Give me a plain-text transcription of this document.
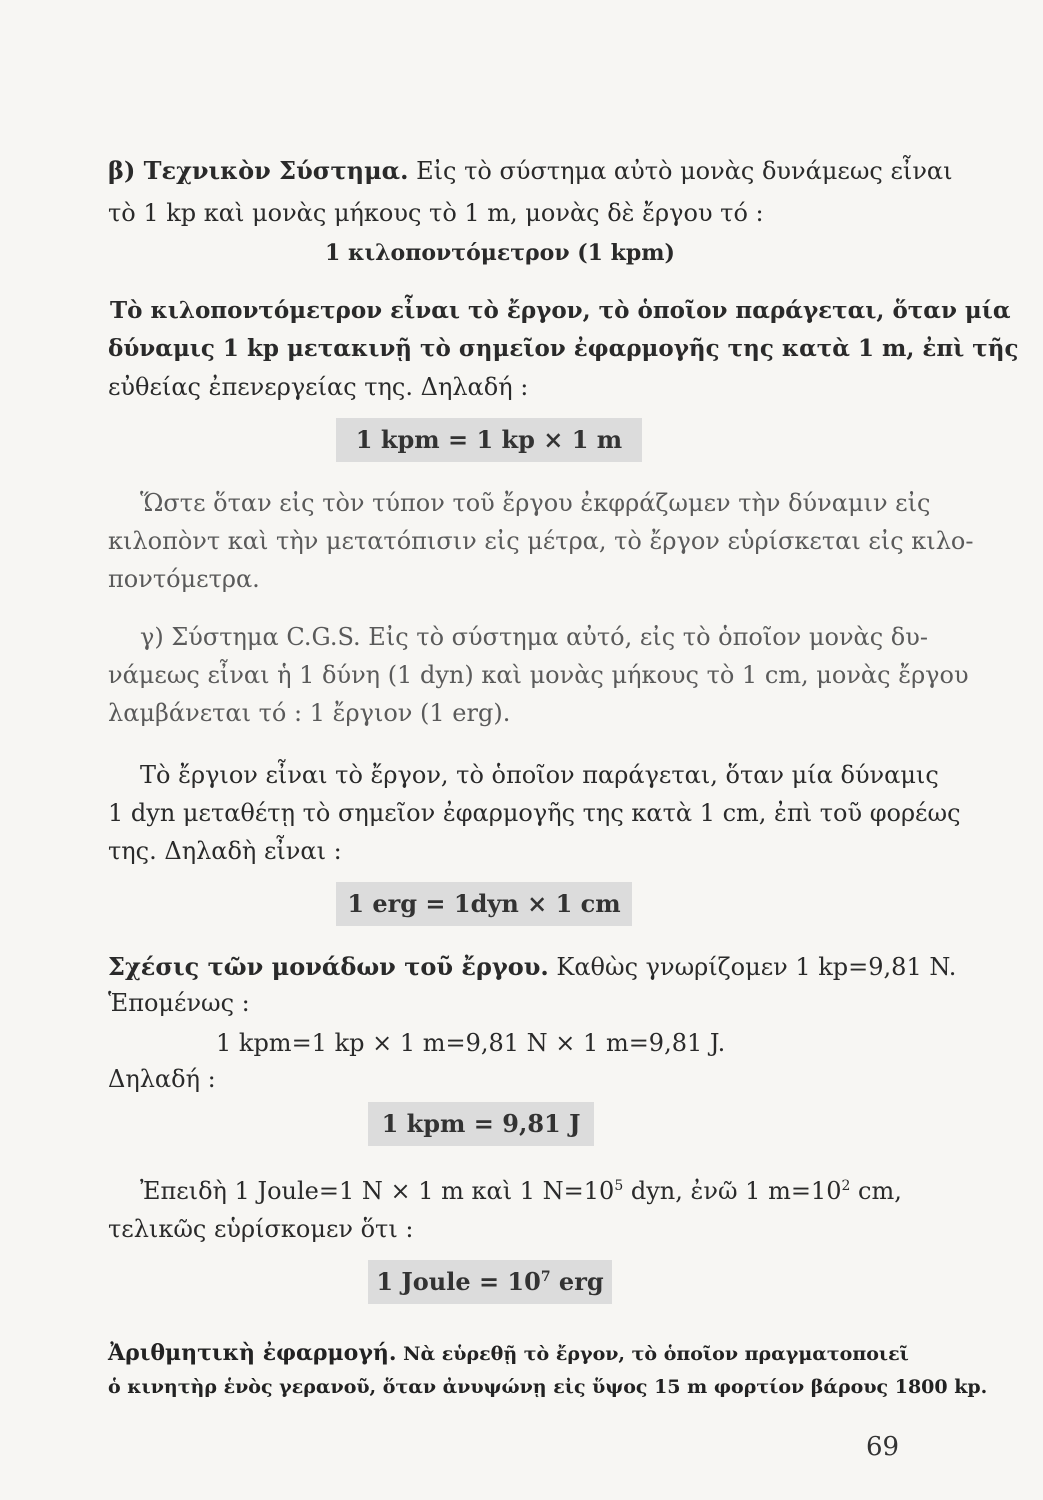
β) Τεχνικὸν Σύστημα. Εἰς τὸ σύστημα αὐτὸ μονὰς δυνάμεως εἶναι
τὸ 1 kp καὶ μονὰς μήκους τὸ 1 m, μονὰς δὲ ἔργου τό :
1 κιλοποντόμετρον (1 kpm)
Τὸ κιλοποντόμετρον εἶναι τὸ ἔργον, τὸ ὁποῖον παράγεται, ὅταν μία
δύναμις 1 kp μετακινῇ τὸ σημεῖον ἐφαρμογῆς της κατὰ 1 m, ἐπὶ τῆς
εὐθείας ἐπενεργείας της. Δηλαδή :
1 kpm = 1 kp × 1 m
Ὥστε ὅταν εἰς τὸν τύπον τοῦ ἔργου ἐκφράζωμεν τὴν δύναμιν εἰς
κιλοπὸντ καὶ τὴν μετατόπισιν εἰς μέτρα, τὸ ἔργον εὑρίσκεται εἰς κιλο-
ποντόμετρα.
γ) Σύστημα C.G.S. Εἰς τὸ σύστημα αὐτό, εἰς τὸ ὁποῖον μονὰς δυ-
νάμεως εἶναι ἡ 1 δύνη (1 dyn) καὶ μονὰς μήκους τὸ 1 cm, μονὰς ἔργου
λαμβάνεται τό : 1 ἔργιον (1 erg).
Τὸ ἔργιον εἶναι τὸ ἔργον, τὸ ὁποῖον παράγεται, ὅταν μία δύναμις
1 dyn μεταθέτῃ τὸ σημεῖον ἐφαρμογῆς της κατὰ 1 cm, ἐπὶ τοῦ φορέως
της. Δηλαδὴ εἶναι :
1 erg = 1dyn × 1 cm
Σχέσις τῶν μονάδων τοῦ ἔργου. Καθὼς γνωρίζομεν 1 kp=9,81 N.
Ἑπομένως :
1 kpm=1 kp × 1 m=9,81 N × 1 m=9,81 J.
Δηλαδή :
1 kpm = 9,81 J
Ἐπειδὴ 1 Joule=1 N × 1 m καὶ 1 $N=10^5$ dyn, ἐνῶ 1 $m=10^2$ cm,
τελικῶς εὑρίσκομεν ὅτι :
1 Joule = $10^7$ erg
Ἀριθμητικὴ ἐφαρμογή. Νὰ εὑρεθῇ τὸ ἔργον, τὸ ὁποῖον πραγματοποιεῖ
ὁ κινητὴρ ἑνὸς γερανοῦ, ὅταν ἀνυψώνῃ εἰς ὕψος 15 m φορτίον βάρους 1800 kp.
69
